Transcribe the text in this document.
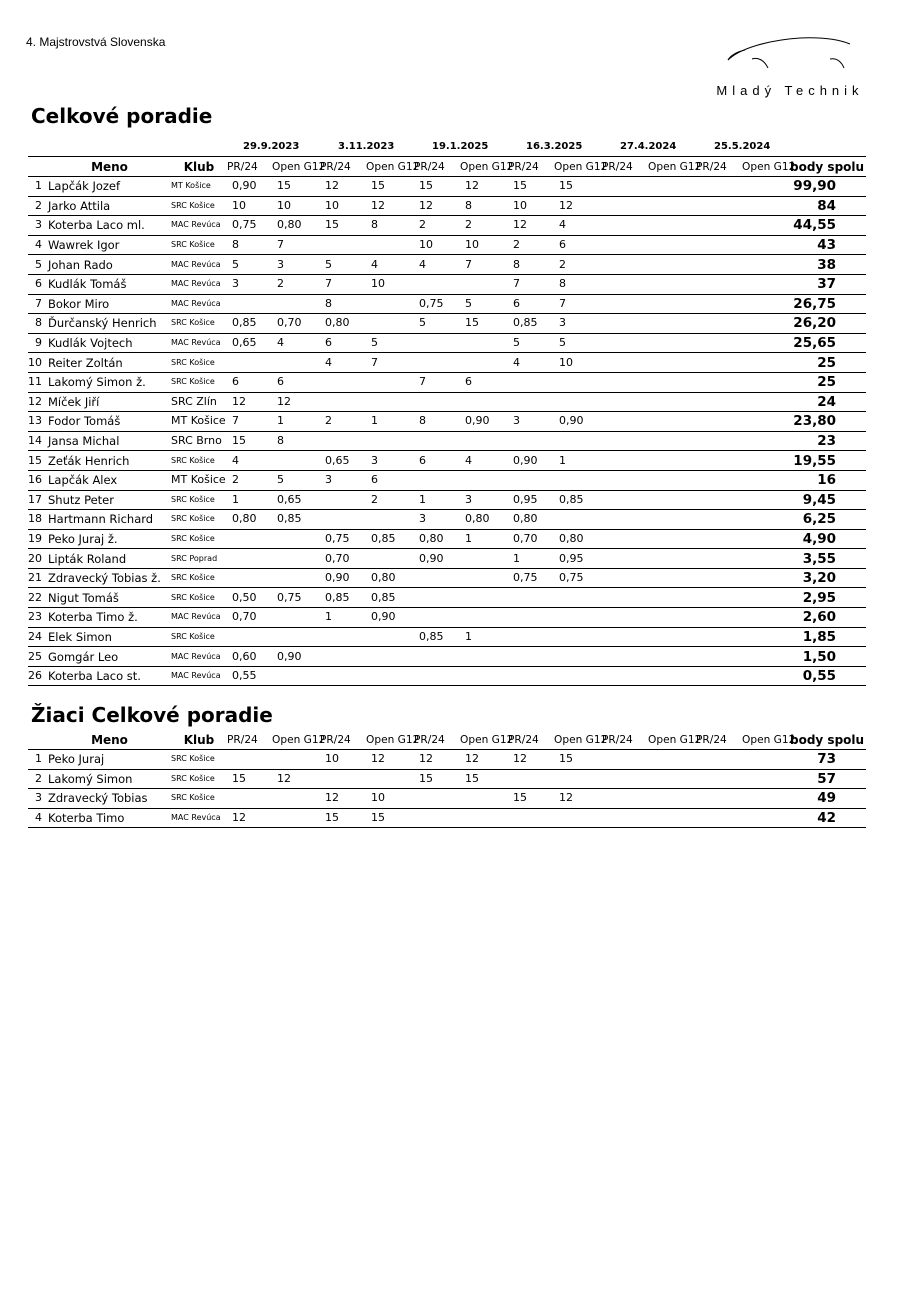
4. Majstrovstvá Slovenska
Mladý Technik
Celkové poradie
			29.9.2023		3.11.2023		19.1.2025		16.3.2025		27.4.2024		25.5.2024		
	Meno	Klub	PR/24	Open G12	PR/24	Open G12	PR/24	Open G12	PR/24	Open G12	PR/24	Open G12	PR/24	Open G12	body spolu
1	Lapčák Jozef	MT Košice	0,90	15	12	15	15	12	15	15					99,90
2	Jarko Attila	SRC Košice	10	10	10	12	12	8	10	12					84
3	Koterba Laco ml.	MAC Revúca	0,75	0,80	15	8	2	2	12	4					44,55
4	Wawrek Igor	SRC Košice	8	7			10	10	2	6					43
5	Johan Rado	MAC Revúca	5	3	5	4	4	7	8	2					38
6	Kudlák Tomáš	MAC Revúca	3	2	7	10			7	8					37
7	Bokor Miro	MAC Revúca			8		0,75	5	6	7					26,75
8	Ďurčanský Henrich	SRC Košice	0,85	0,70	0,80		5	15	0,85	3					26,20
9	Kudlák Vojtech	MAC Revúca	0,65	4	6	5			5	5					25,65
10	Reiter Zoltán	SRC Košice			4	7			4	10					25
11	Lakomý Simon ž.	SRC Košice	6	6			7	6							25
12	Míček Jiří	SRC Zlín	12	12											24
13	Fodor Tomáš	MT Košice	7	1	2	1	8	0,90	3	0,90					23,80
14	Jansa Michal	SRC Brno	15	8											23
15	Zeťák Henrich	SRC Košice	4		0,65	3	6	4	0,90	1					19,55
16	Lapčák Alex	MT Košice	2	5	3	6									16
17	Shutz Peter	SRC Košice	1	0,65		2	1	3	0,95	0,85					9,45
18	Hartmann Richard	SRC Košice	0,80	0,85			3	0,80	0,80						6,25
19	Peko Juraj ž.	SRC Košice			0,75	0,85	0,80	1	0,70	0,80					4,90
20	Lipták Roland	SRC Poprad			0,70		0,90		1	0,95					3,55
21	Zdravecký Tobias ž.	SRC Košice			0,90	0,80			0,75	0,75					3,20
22	Nigut Tomáš	SRC Košice	0,50	0,75	0,85	0,85									2,95
23	Koterba Timo ž.	MAC Revúca	0,70		1	0,90									2,60
24	Elek Simon	SRC Košice					0,85	1							1,85
25	Gomgár Leo	MAC Revúca	0,60	0,90											1,50
26	Koterba Laco st.	MAC Revúca	0,55												0,55
Žiaci Celkové poradie
	Meno	Klub	PR/24	Open G12	PR/24	Open G12	PR/24	Open G12	PR/24	Open G12	PR/24	Open G12	PR/24	Open G12	body spolu
1	Peko Juraj	SRC Košice			10	12	12	12	12	15					73
2	Lakomý Simon	SRC Košice	15	12			15	15							57
3	Zdravecký Tobias	SRC Košice			12	10			15	12					49
4	Koterba Timo	MAC Revúca	12		15	15									42
